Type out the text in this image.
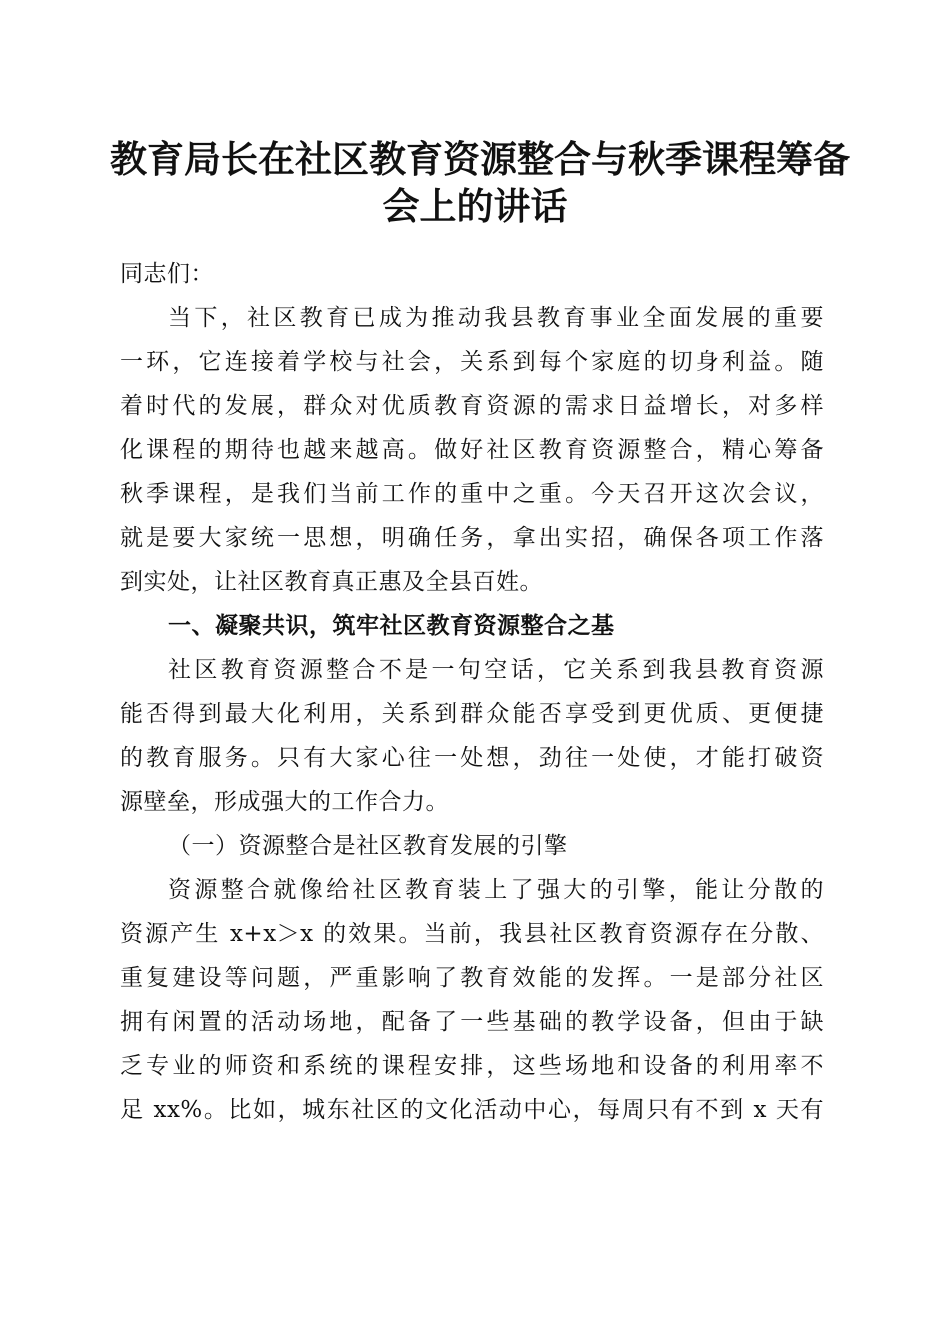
教育局长在社区教育资源整合与秋季课程筹备
会上的讲话
同志们：
当下，社区教育已成为推动我县教育事业全面发展的重要
一环，它连接着学校与社会，关系到每个家庭的切身利益。随
着时代的发展，群众对优质教育资源的需求日益增长，对多样
化课程的期待也越来越高。做好社区教育资源整合，精心筹备
秋季课程，是我们当前工作的重中之重。今天召开这次会议，
就是要大家统一思想，明确任务，拿出实招，确保各项工作落
到实处，让社区教育真正惠及全县百姓。
一、凝聚共识，筑牢社区教育资源整合之基
社区教育资源整合不是一句空话，它关系到我县教育资源
能否得到最大化利用，关系到群众能否享受到更优质、更便捷
的教育服务。只有大家心往一处想，劲往一处使，才能打破资
源壁垒，形成强大的工作合力。
（一）资源整合是社区教育发展的引擎
资源整合就像给社区教育装上了强大的引擎，能让分散的
资源产生 x+x＞x 的效果。当前，我县社区教育资源存在分散、
重复建设等问题，严重影响了教育效能的发挥。一是部分社区
拥有闲置的活动场地，配备了一些基础的教学设备，但由于缺
乏专业的师资和系统的课程安排，这些场地和设备的利用率不
足 xx%。比如，城东社区的文化活动中心，每周只有不到 x 天有
